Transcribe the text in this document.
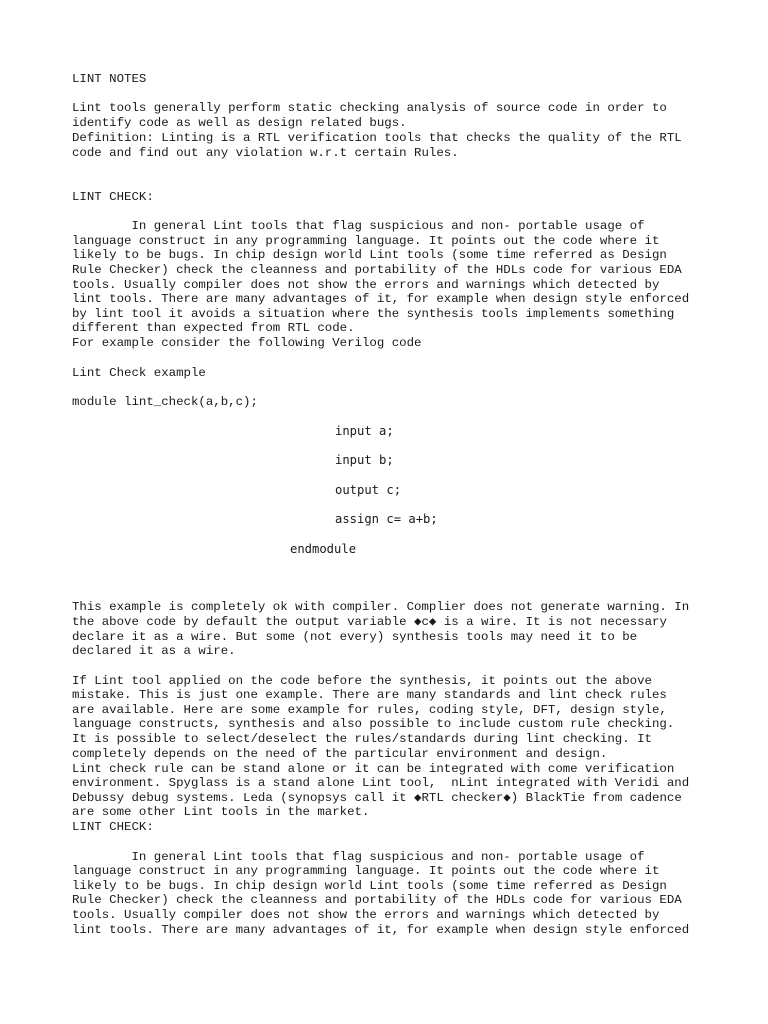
LINT NOTES
Lint tools generally perform static checking analysis of source code in order to
identify code as well as design related bugs.
Definition: Linting is a RTL verification tools that checks the quality of the RTL
code and find out any violation w.r.t certain Rules.
LINT CHECK:
In general Lint tools that flag suspicious and non- portable usage of
language construct in any programming language. It points out the code where it
likely to be bugs. In chip design world Lint tools (some time referred as Design
Rule Checker) check the cleanness and portability of the HDLs code for various EDA
tools. Usually compiler does not show the errors and warnings which detected by
lint tools. There are many advantages of it, for example when design style enforced
by lint tool it avoids a situation where the synthesis tools implements something
different than expected from RTL code.
For example consider the following Verilog code
Lint Check example
module lint_check(a,b,c);
input a;
input b;
output c;
assign c= a+b;
endmodule
This example is completely ok with compiler. Complier does not generate warning. In
the above code by default the output variable ◆c◆ is a wire. It is not necessary
declare it as a wire. But some (not every) synthesis tools may need it to be
declared it as a wire.
If Lint tool applied on the code before the synthesis, it points out the above
mistake. This is just one example. There are many standards and lint check rules
are available. Here are some example for rules, coding style, DFT, design style,
language constructs, synthesis and also possible to include custom rule checking.
It is possible to select/deselect the rules/standards during lint checking. It
completely depends on the need of the particular environment and design.
Lint check rule can be stand alone or it can be integrated with come verification
environment. Spyglass is a stand alone Lint tool,  nLint integrated with Veridi and
Debussy debug systems. Leda (synopsys call it ◆RTL checker◆) BlackTie from cadence
are some other Lint tools in the market.
LINT CHECK:
In general Lint tools that flag suspicious and non- portable usage of
language construct in any programming language. It points out the code where it
likely to be bugs. In chip design world Lint tools (some time referred as Design
Rule Checker) check the cleanness and portability of the HDLs code for various EDA
tools. Usually compiler does not show the errors and warnings which detected by
lint tools. There are many advantages of it, for example when design style enforced
